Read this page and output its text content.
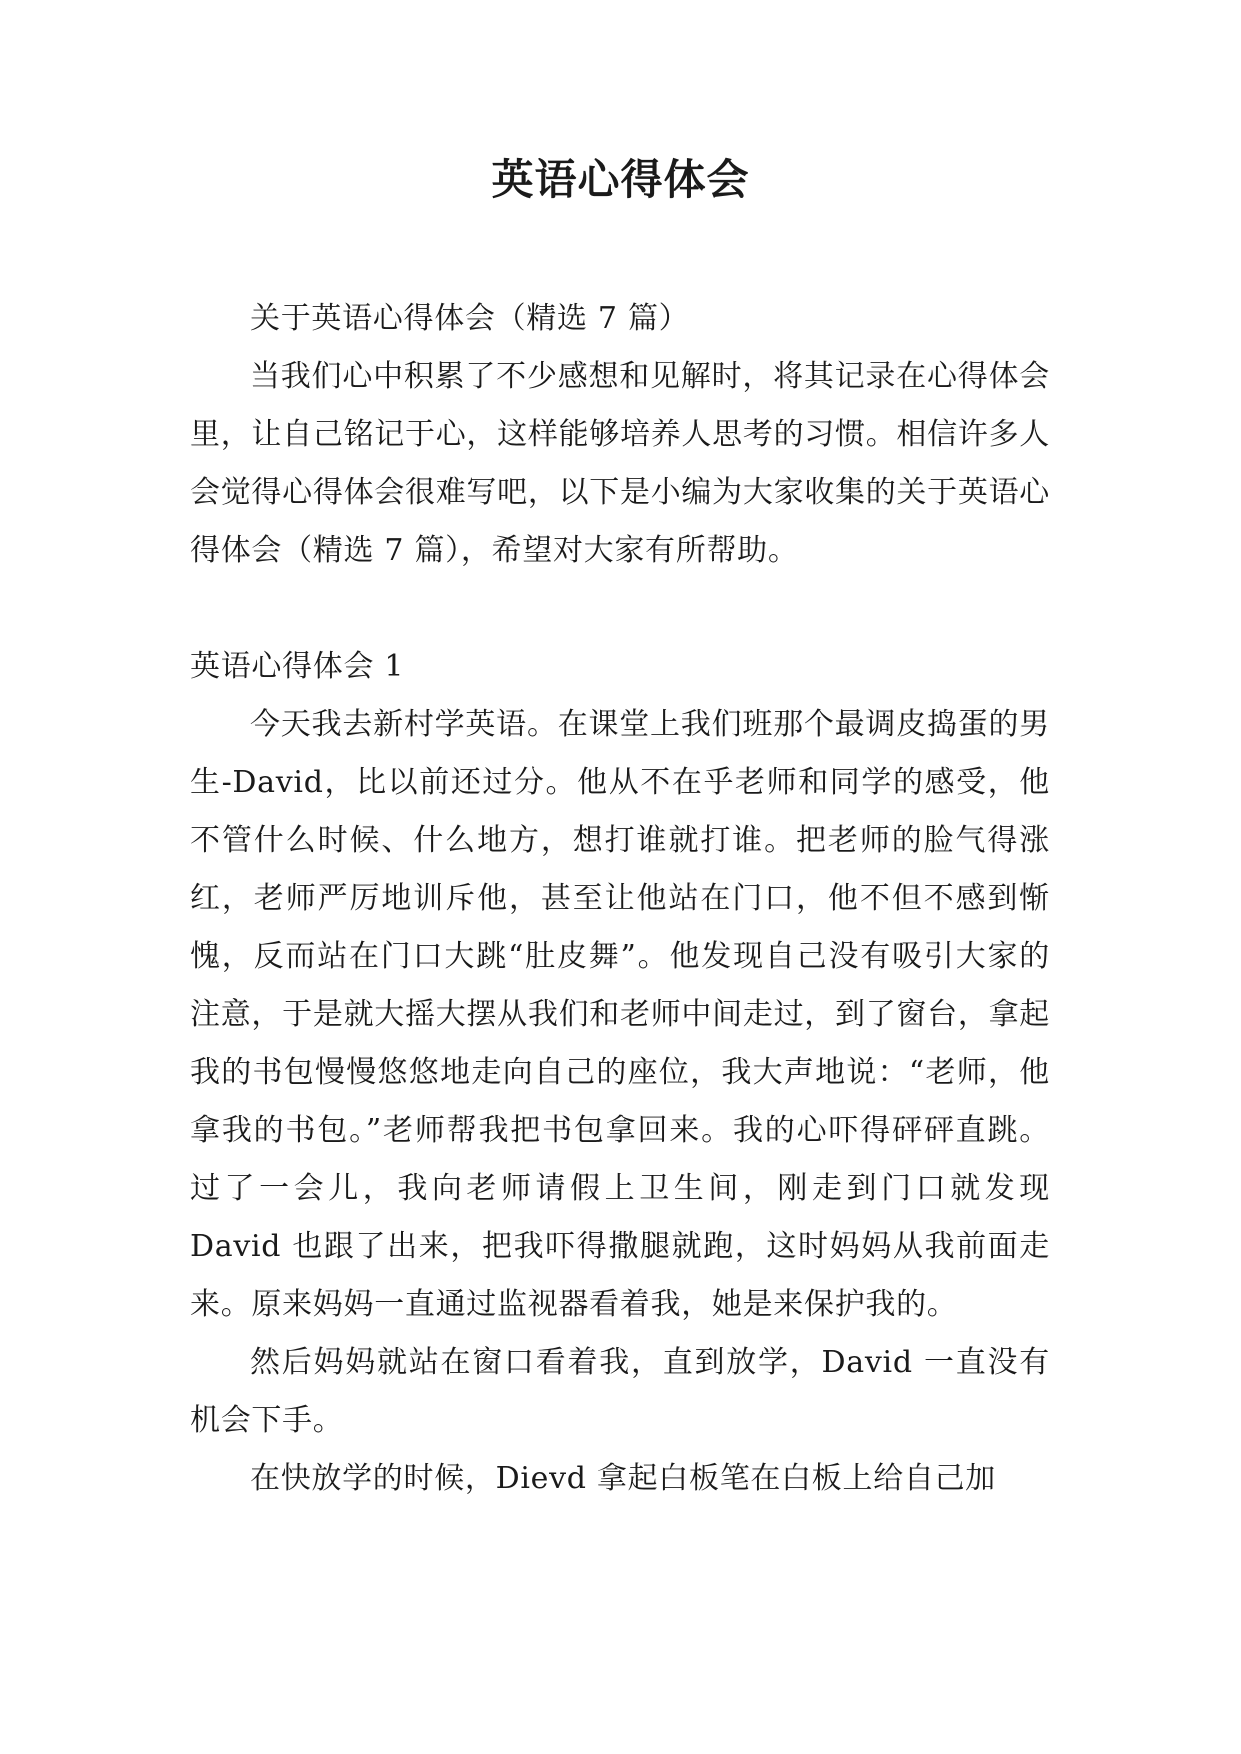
英语心得体会

关于英语心得体会（精选 7 篇）

当我们心中积累了不少感想和见解时，将其记录在心得体会里，让自己铭记于心，这样能够培养人思考的习惯。相信许多人会觉得心得体会很难写吧，以下是小编为大家收集的关于英语心得体会（精选 7 篇），希望对大家有所帮助。

英语心得体会 1

今天我去新村学英语。在课堂上我们班那个最调皮捣蛋的男生-David，比以前还过分。他从不在乎老师和同学的感受，他不管什么时候、什么地方，想打谁就打谁。把老师的脸气得涨红，老师严厉地训斥他，甚至让他站在门口，他不但不感到惭愧，反而站在门口大跳“肚皮舞”。他发现自己没有吸引大家的注意，于是就大摇大摆从我们和老师中间走过，到了窗台，拿起我的书包慢慢悠悠地走向自己的座位，我大声地说：“老师，他拿我的书包。”老师帮我把书包拿回来。我的心吓得砰砰直跳。过了一会儿，我向老师请假上卫生间，刚走到门口就发现 David 也跟了出来，把我吓得撒腿就跑，这时妈妈从我前面走来。原来妈妈一直通过监视器看着我，她是来保护我的。

然后妈妈就站在窗口看着我，直到放学，David 一直没有机会下手。

在快放学的时候，Dievd 拿起白板笔在白板上给自己加
